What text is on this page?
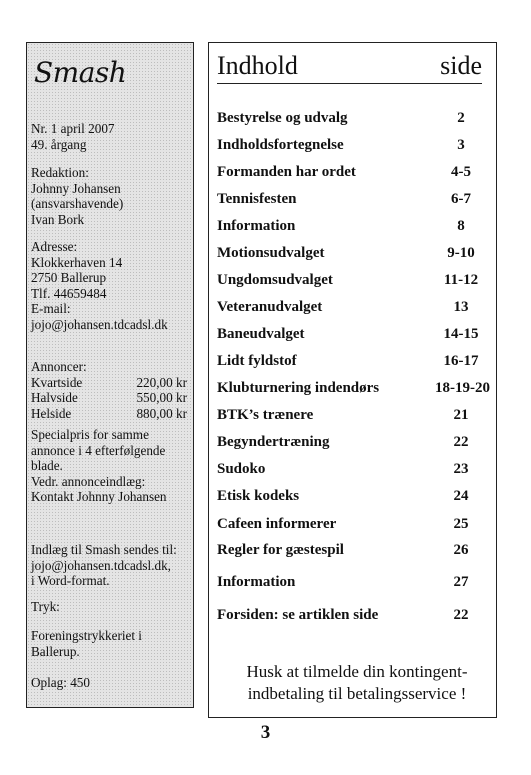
Smash
Nr. 1 april 2007
49. årgang
Redaktion:
Johnny Johansen
(ansvarshavende)
Ivan Bork
Adresse:
Klokkerhaven 14
2750 Ballerup
Tlf. 44659484
E-mail:
jojo@johansen.tdcadsl.dk
Annoncer:
Kvartside	220,00 kr
Halvside	550,00 kr
Helside	880,00 kr
Specialpris for samme
annonce i 4 efterfølgende
blade.
Vedr. annonceindlæg:
Kontakt Johnny Johansen
Indlæg til Smash sendes til:
jojo@johansen.tdcadsl.dk,
i Word-format.
Tryk:
Foreningstrykkeriet i
Ballerup.
Oplag: 450
Indhold	side
Bestyrelse og udvalg	2
Indholdsfortegnelse	3
Formanden har ordet	4-5
Tennisfesten	6-7
Information	8
Motionsudvalget	9-10
Ungdomsudvalget	11-12
Veteranudvalget	13
Baneudvalget	14-15
Lidt fyldstof	16-17
Klubturnering indendørs	18-19-20
BTK’s trænere	21
Begyndertræning	22
Sudoko	23
Etisk kodeks	24
Cafeen informerer	25
Regler for gæstespil	26
Information	27
Forsiden: se artiklen side	22
Husk at tilmelde din kontingent-
indbetaling til betalingsservice !
3
